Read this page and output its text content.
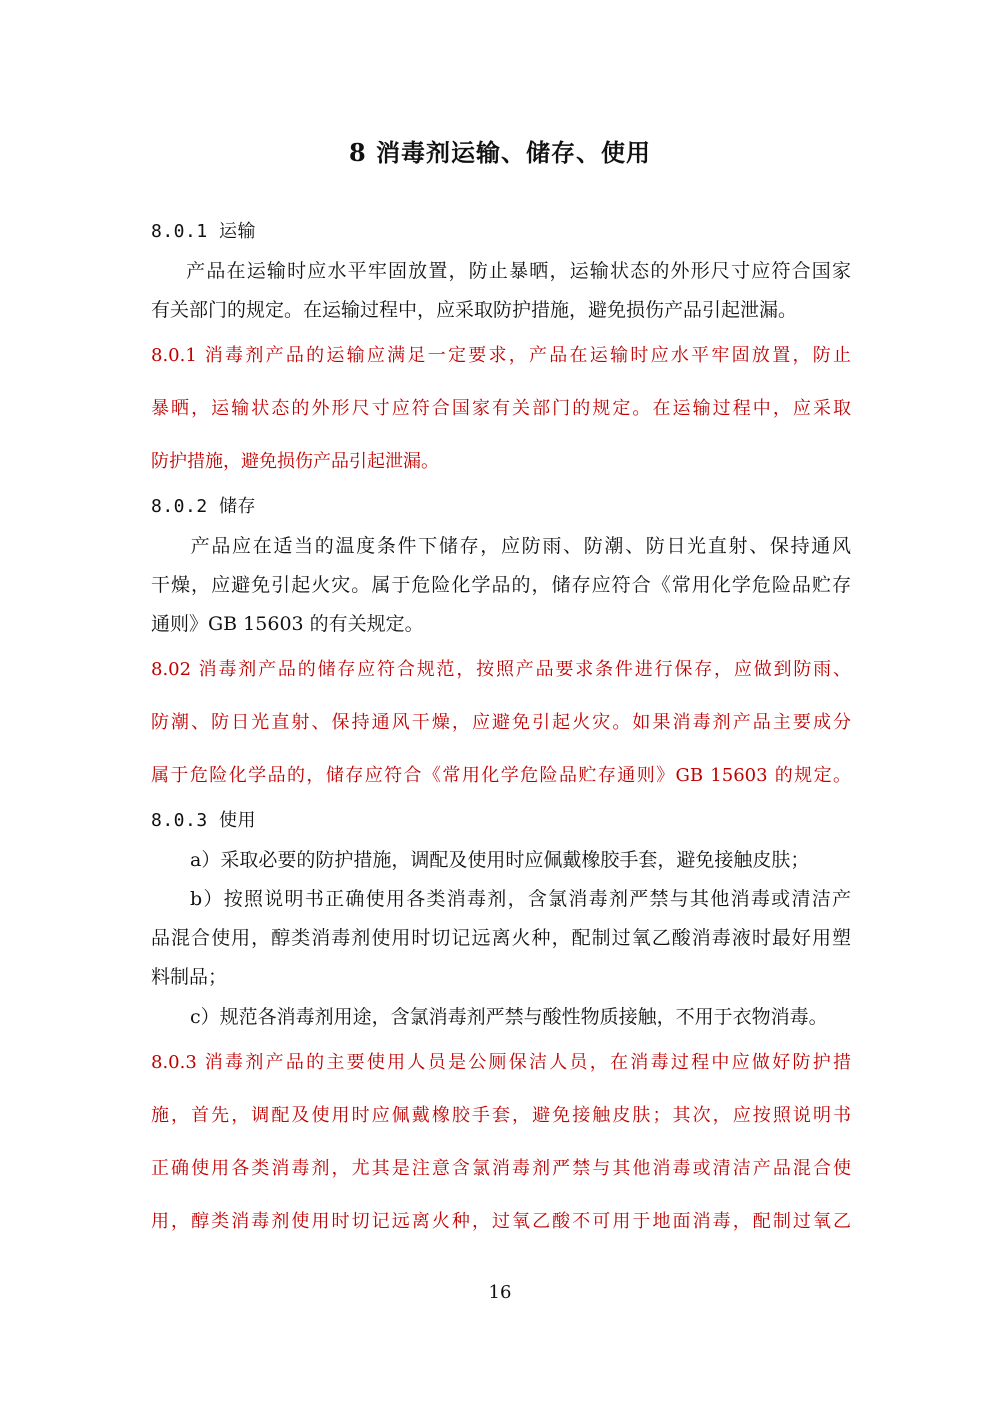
8 消毒剂运输、储存、使用
8.0.1 运输
　产品在运输时应水平牢固放置，防止暴晒，运输状态的外形尺寸应符合国家
有关部门的规定。在运输过程中，应采取防护措施，避免损伤产品引起泄漏。
8.0.1 消毒剂产品的运输应满足一定要求，产品在运输时应水平牢固放置，防止
暴晒，运输状态的外形尺寸应符合国家有关部门的规定。在运输过程中，应采取
防护措施，避免损伤产品引起泄漏。
8.0.2 储存
　产品应在适当的温度条件下储存，应防雨、防潮、防日光直射、保持通风
干燥，应避免引起火灾。属于危险化学品的，储存应符合《常用化学危险品贮存
通则》GB 15603 的有关规定。
8.02 消毒剂产品的储存应符合规范，按照产品要求条件进行保存，应做到防雨、
防潮、防日光直射、保持通风干燥，应避免引起火灾。如果消毒剂产品主要成分
属于危险化学品的，储存应符合《常用化学危险品贮存通则》GB 15603 的规定。
8.0.3 使用
a）采取必要的防护措施，调配及使用时应佩戴橡胶手套，避免接触皮肤；
b）按照说明书正确使用各类消毒剂，含氯消毒剂严禁与其他消毒或清洁产
品混合使用，醇类消毒剂使用时切记远离火种，配制过氧乙酸消毒液时最好用塑
料制品；
c）规范各消毒剂用途，含氯消毒剂严禁与酸性物质接触，不用于衣物消毒。
8.0.3 消毒剂产品的主要使用人员是公厕保洁人员，在消毒过程中应做好防护措
施，首先，调配及使用时应佩戴橡胶手套，避免接触皮肤；其次，应按照说明书
正确使用各类消毒剂，尤其是注意含氯消毒剂严禁与其他消毒或清洁产品混合使
用，醇类消毒剂使用时切记远离火种，过氧乙酸不可用于地面消毒，配制过氧乙
16
